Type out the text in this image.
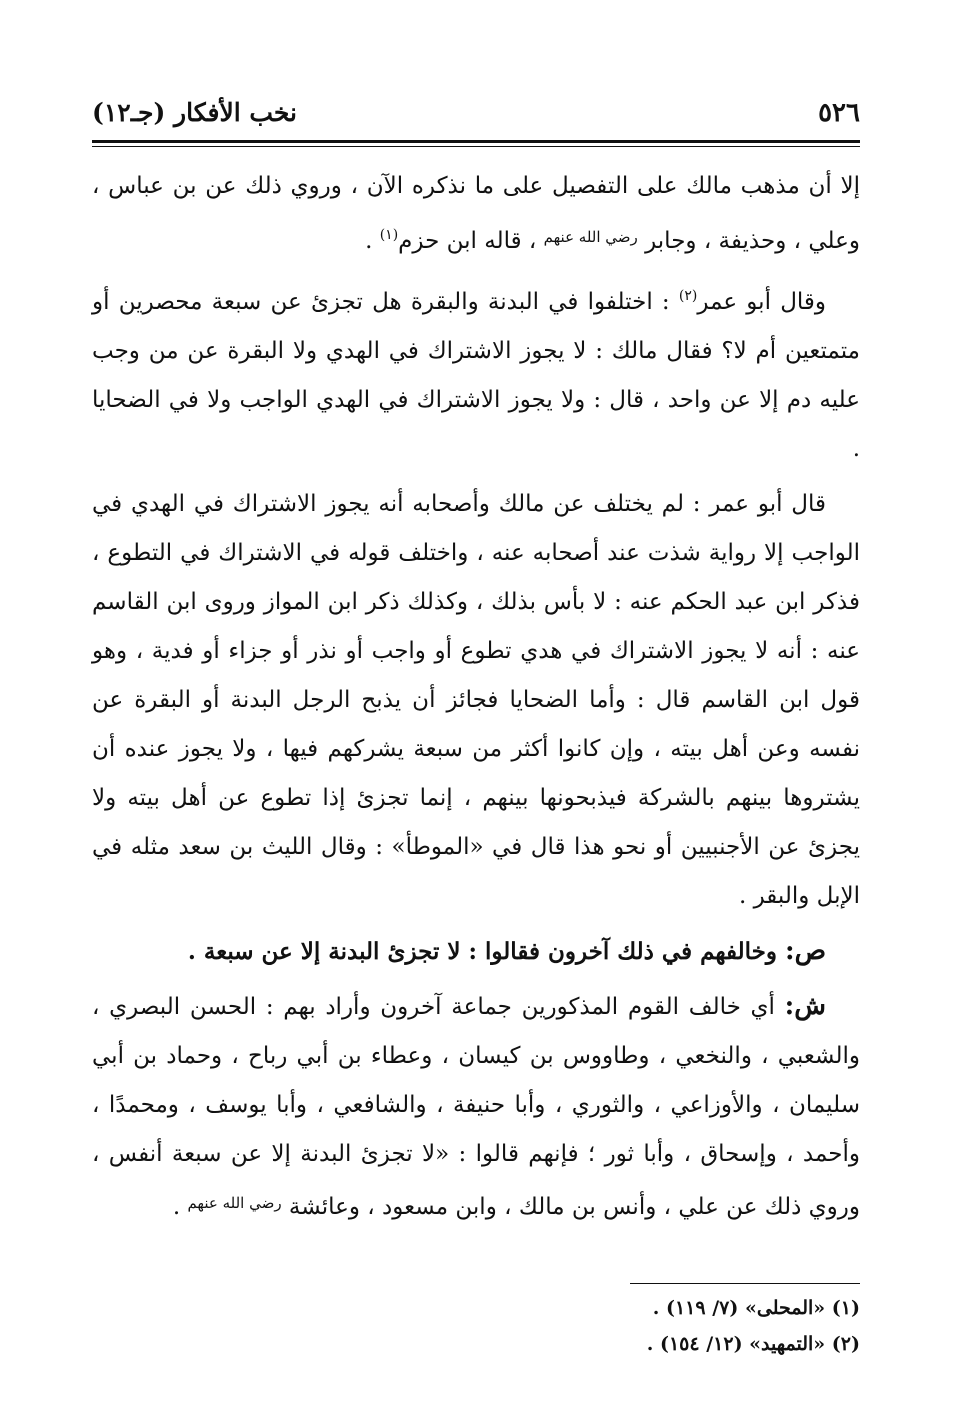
٥٢٦
نخب الأفكار (جـ١٢)

إلا أن مذهب مالك على التفصيل على ما نذكره الآن ، وروي ذلك عن بن عباس ، وعلي ، وحذيفة ، وجابر $^{رضي الله عنهم}$ ، قاله ابن حزم$^{(١)}$ .

وقال أبو عمر$^{(٢)}$ : اختلفوا في البدنة والبقرة هل تجزئ عن سبعة محصرين أو متمتعين أم لا؟ فقال مالك : لا يجوز الاشتراك في الهدي ولا البقرة عن من وجب عليه دم إلا عن واحد ، قال : ولا يجوز الاشتراك في الهدي الواجب ولا في الضحايا .

قال أبو عمر : لم يختلف عن مالك وأصحابه أنه يجوز الاشتراك في الهدي في الواجب إلا رواية شذت عند أصحابه عنه ، واختلف قوله في الاشتراك في التطوع ، فذكر ابن عبد الحكم عنه : لا بأس بذلك ، وكذلك ذكر ابن المواز وروى ابن القاسم عنه : أنه لا يجوز الاشتراك في هدي تطوع أو واجب أو نذر أو جزاء أو فدية ، وهو قول ابن القاسم قال : وأما الضحايا فجائز أن يذبح الرجل البدنة أو البقرة عن نفسه وعن أهل بيته ، وإن كانوا أكثر من سبعة يشركهم فيها ، ولا يجوز عنده أن يشتروها بينهم بالشركة فيذبحونها بينهم ، إنما تجزئ إذا تطوع عن أهل بيته ولا يجزئ عن الأجنبيين أو نحو هذا قال في «الموطأ» : وقال الليث بن سعد مثله في الإبل والبقر .

ص: وخالفهم في ذلك آخرون فقالوا : لا تجزئ البدنة إلا عن سبعة .

ش: أي خالف القوم المذكورين جماعة آخرون وأراد بهم : الحسن البصري ، والشعبي ، والنخعي ، وطاووس بن كيسان ، وعطاء بن أبي رباح ، وحماد بن أبي سليمان ، والأوزاعي ، والثوري ، وأبا حنيفة ، والشافعي ، وأبا يوسف ، ومحمدًا ، وأحمد ، وإسحاق ، وأبا ثور ؛ فإنهم قالوا : «لا تجزئ البدنة إلا عن سبعة أنفس ، وروي ذلك عن علي ، وأنس بن مالك ، وابن مسعود ، وعائشة $^{رضي الله عنهم}$ .

(١) «المحلى» (٧/ ١١٩) .

(٢) «التمهيد» (١٢/ ١٥٤) .
